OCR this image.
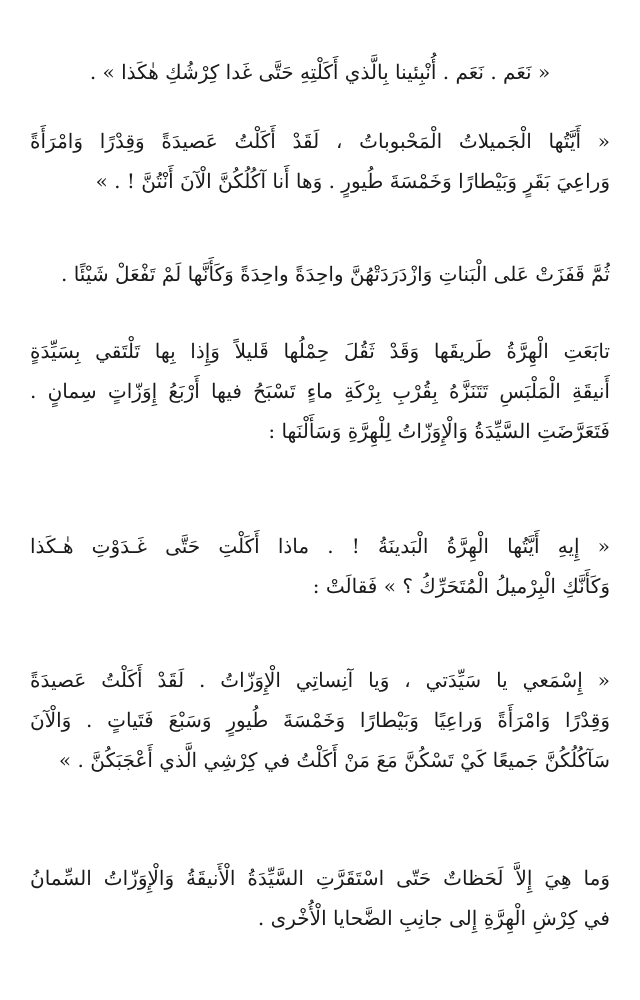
« نَعَم . نَعَم . أُنْبِئينا بِالَّذي أَكَلْتِهِ حَتَّى غَدا كِرْشُكِ هٰكَذا » .
« أَيَّتُها الْجَميلاتُ الْمَحْبوباتُ ، لَقَدْ أَكَلْتُ عَصيدَةً وَقِدْرًا وَامْرَأَةً
وَراعِيَ بَقَرٍ وَبَيْطارًا وَخَمْسَةَ طُيورٍ . وَها أَنا آكُلُكُنَّ الْآنَ أَنْتُنَّ ! . »
ثُمَّ قَفَزَتْ عَلى الْبَناتِ وَازْدَرَدَتْهُنَّ واحِدَةً واحِدَةً وَكَأَنَّها لَمْ تَفْعَلْ شَيْئًا .
تابَعَتِ الْهِرَّةُ طَريقَها وَقَدْ ثَقُلَ حِمْلُها قَليلاً وَإِذا بِها تَلْتَقي بِسَيِّدَةٍ
أَنيقَةِ الْمَلْبَسِ تَتَنَزَّهُ بِقُرْبِ بِرْكَةِ ماءٍ تَسْبَحُ فيها أَرْبَعُ إِوَزّاتٍ سِمانٍ .
فَتَعَرَّضَتِ السَّيِّدَةُ وَالْإِوَزّاتُ لِلْهِرَّةِ وَسَأَلْنَها :
« إِيهِ أَيَّتُها الْهِرَّةُ الْبَدينَةُ ! . ماذا أَكَلْتِ حَتَّى غَـدَوْتِ هٰـكَذا
وَكَأَنَّكِ الْبِرْميلُ الْمُتَحَرِّكُ ؟ » فَقالَتْ :
« إِسْمَعي يا سَيِّدَتي ، وَيا آنِساتِي الْإِوَزّاتُ . لَقَدْ أَكَلْتُ عَصيدَةً
وَقِدْرًا وَامْرَأَةً وَراعِيًا وَبَيْطارًا وَخَمْسَةَ طُيورٍ وَسَبْعَ فَتَياتٍ . وَالْآنَ
سَآكُلُكُنَّ جَميعًا كَيْ تَسْكُنَّ مَعَ مَنْ أَكَلْتُ في كِرْشِي الَّذي أَعْجَبَكُنَّ . »
وَما هِيَ إِلاَّ لَحَظاتٌ حَتّى اسْتَقَرَّتِ السَّيِّدَةُ الْأَنيقَةُ وَالْإِوَزّاتُ السِّمانُ
في كِرْشِ الْهِرَّةِ إِلى جانِبِ الضَّحايا الْأُخْرى .
